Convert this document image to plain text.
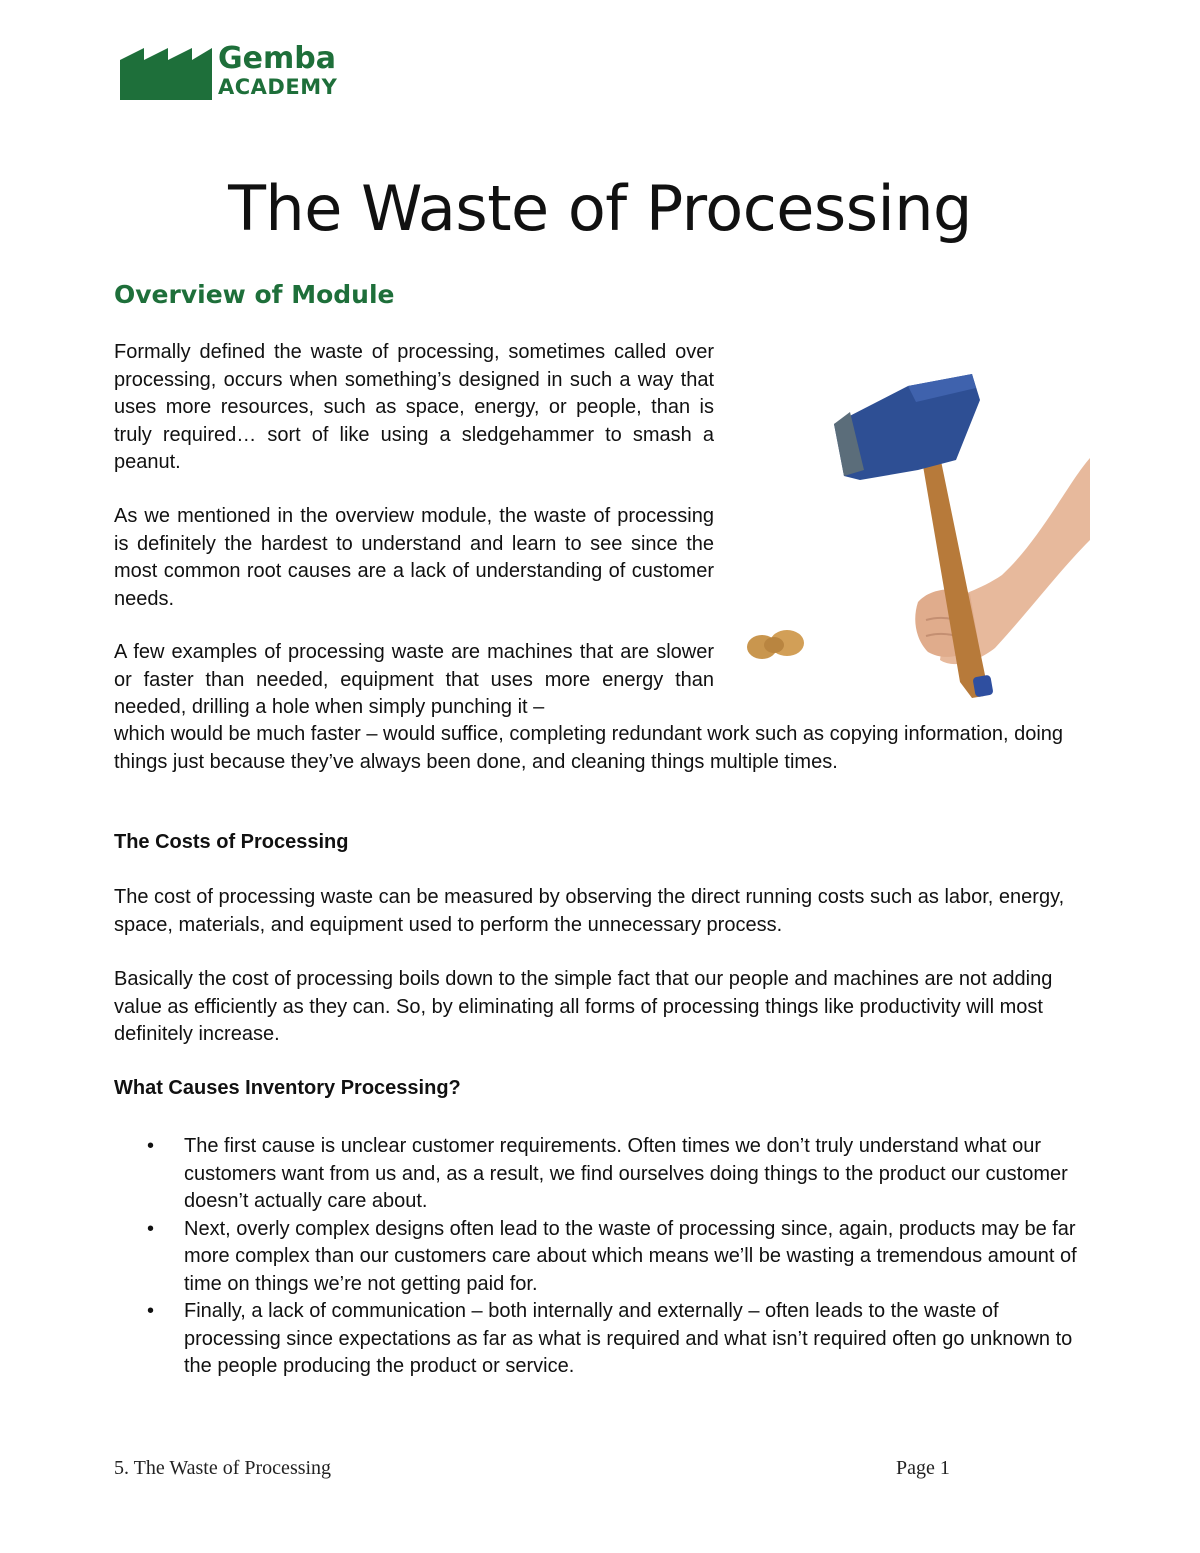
Gemba
ACADEMY
The Waste of Processing
Overview of Module

Formally defined the waste of processing, sometimes called over processing, occurs when something’s designed in such a way that uses more resources, such as space, energy, or people, than is truly required… sort of like using a sledgehammer to smash a peanut.

As we mentioned in the overview module, the waste of processing is definitely the hardest to understand and learn to see since the most common root causes are a lack of understanding of customer needs.

A few examples of processing waste are machines that are slower or faster than needed, equipment that uses more energy than needed, drilling a hole when simply punching it –

which would be much faster – would suffice, completing redundant work such as copying information, doing things just because they’ve always been done, and cleaning things multiple times.

The Costs of Processing

The cost of processing waste can be measured by observing the direct running costs such as labor, energy, space, materials, and equipment used to perform the unnecessary process.

Basically the cost of processing boils down to the simple fact that our people and machines are not adding value as efficiently as they can. So, by eliminating all forms of processing things like productivity will most definitely increase.

What Causes Inventory Processing?
• The first cause is unclear customer requirements. Often times we don’t truly understand what our customers want from us and, as a result, we find ourselves doing things to the product our customer doesn’t actually care about.
• Next, overly complex designs often lead to the waste of processing since, again, products may be far more complex than our customers care about which means we’ll be wasting a tremendous amount of time on things we’re not getting paid for.
• Finally, a lack of communication – both internally and externally – often leads to the waste of processing since expectations as far as what is required and what isn’t required often go unknown to the people producing the product or service.
5. The Waste of Processing	Page 1
